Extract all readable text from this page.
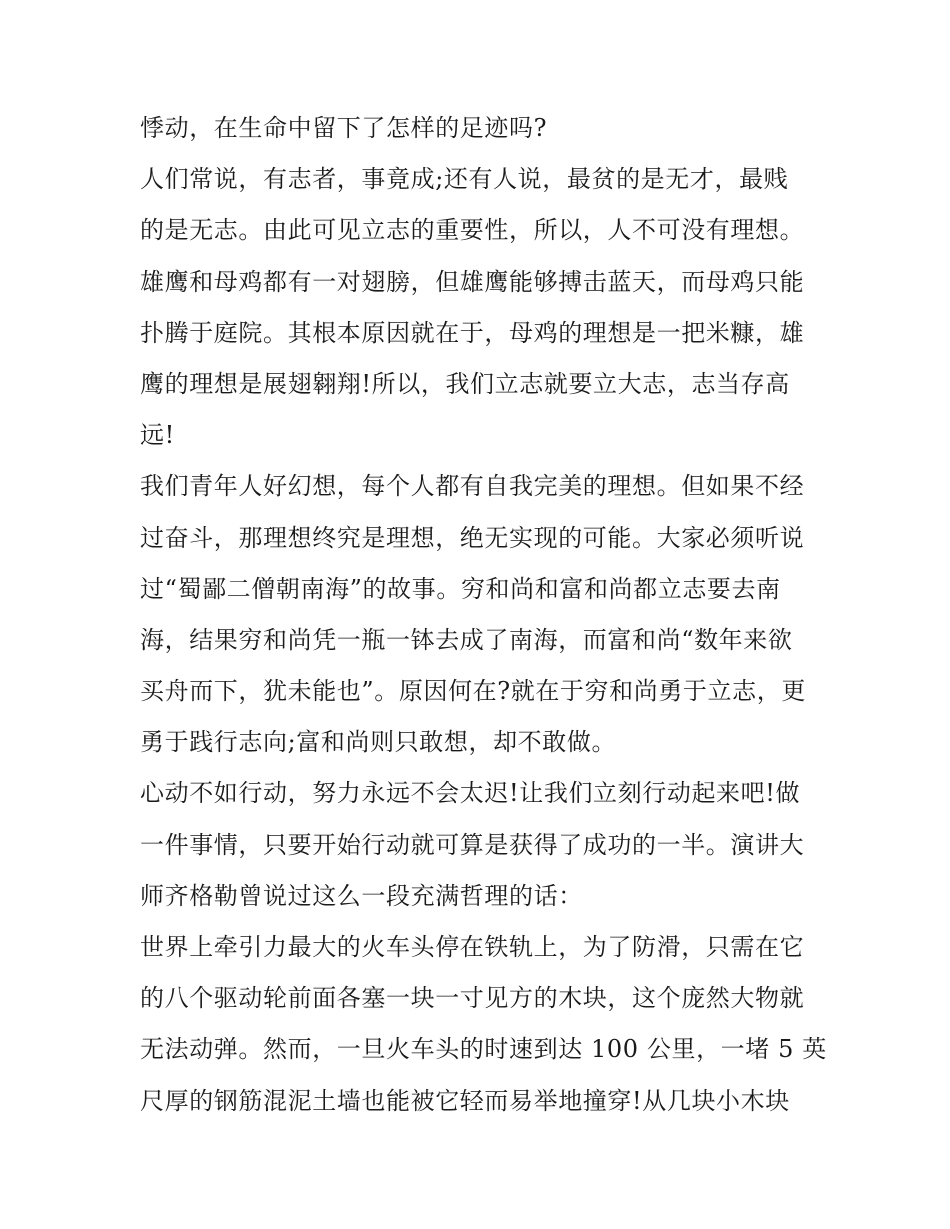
悸动，在生命中留下了怎样的足迹吗?
人们常说，有志者，事竟成;还有人说，最贫的是无才，最贱
的是无志。由此可见立志的重要性，所以，人不可没有理想。
雄鹰和母鸡都有一对翅膀，但雄鹰能够搏击蓝天，而母鸡只能
扑腾于庭院。其根本原因就在于，母鸡的理想是一把米糠，雄
鹰的理想是展翅翱翔!所以，我们立志就要立大志，志当存高
远!
我们青年人好幻想，每个人都有自我完美的理想。但如果不经
过奋斗，那理想终究是理想，绝无实现的可能。大家必须听说
过“蜀鄙二僧朝南海”的故事。穷和尚和富和尚都立志要去南
海，结果穷和尚凭一瓶一钵去成了南海，而富和尚“数年来欲
买舟而下，犹未能也”。原因何在?就在于穷和尚勇于立志，更
勇于践行志向;富和尚则只敢想，却不敢做。
心动不如行动，努力永远不会太迟!让我们立刻行动起来吧!做
一件事情，只要开始行动就可算是获得了成功的一半。演讲大
师齐格勒曾说过这么一段充满哲理的话：
世界上牵引力最大的火车头停在铁轨上，为了防滑，只需在它
的八个驱动轮前面各塞一块一寸见方的木块，这个庞然大物就
无法动弹。然而，一旦火车头的时速到达 100 公里，一堵 5 英
尺厚的钢筋混泥土墙也能被它轻而易举地撞穿!从几块小木块
